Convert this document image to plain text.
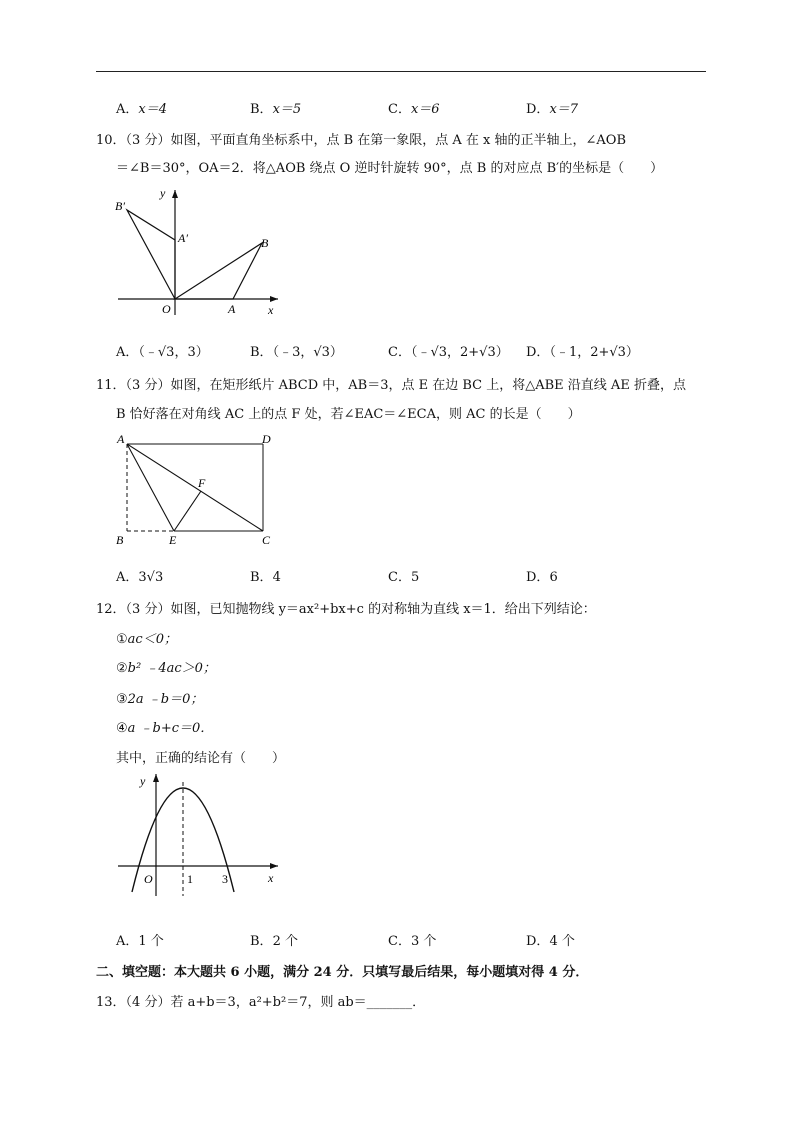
A．x＝4	B．x＝5	C．x＝6	D．x＝7
10．（3 分）如图，平面直角坐标系中，点 B 在第一象限，点 A 在 x 轴的正半轴上，∠AOB
＝∠B＝30°，OA＝2．将△AOB 绕点 O 逆时针旋转 90°，点 B 的对应点 B′的坐标是（　　）
y
x
O	A
B
A′
B′
A．（﹣√3，3）	B．（﹣3，√3）	C．（﹣√3，2+√3） D．（﹣1，2+√3）
11．（3 分）如图，在矩形纸片 ABCD 中，AB＝3，点 E 在边 BC 上，将△ABE 沿直线 AE 折叠，点
B 恰好落在对角线 AC 上的点 F 处，若∠EAC＝∠ECA，则 AC 的长是（　　）
A	D
B	E	C
F
A．3√3	B．4	C．5	D．6
12．（3 分）如图，已知抛物线 y＝ax²+bx+c 的对称轴为直线 x＝1．给出下列结论：
①ac＜0；
②b² ﹣4ac＞0；
③2a ﹣b＝0；
④a ﹣b+c＝0．
其中，正确的结论有（　　）
y
x
O	1 3
A．1 个	B．2 个	C．3 个	D．4 个
二、填空题：本大题共 6 小题，满分 24 分．只填写最后结果，每小题填对得 4 分．
13．（4 分）若 a+b＝3，a²+b²＝7，则 ab＝_______．
